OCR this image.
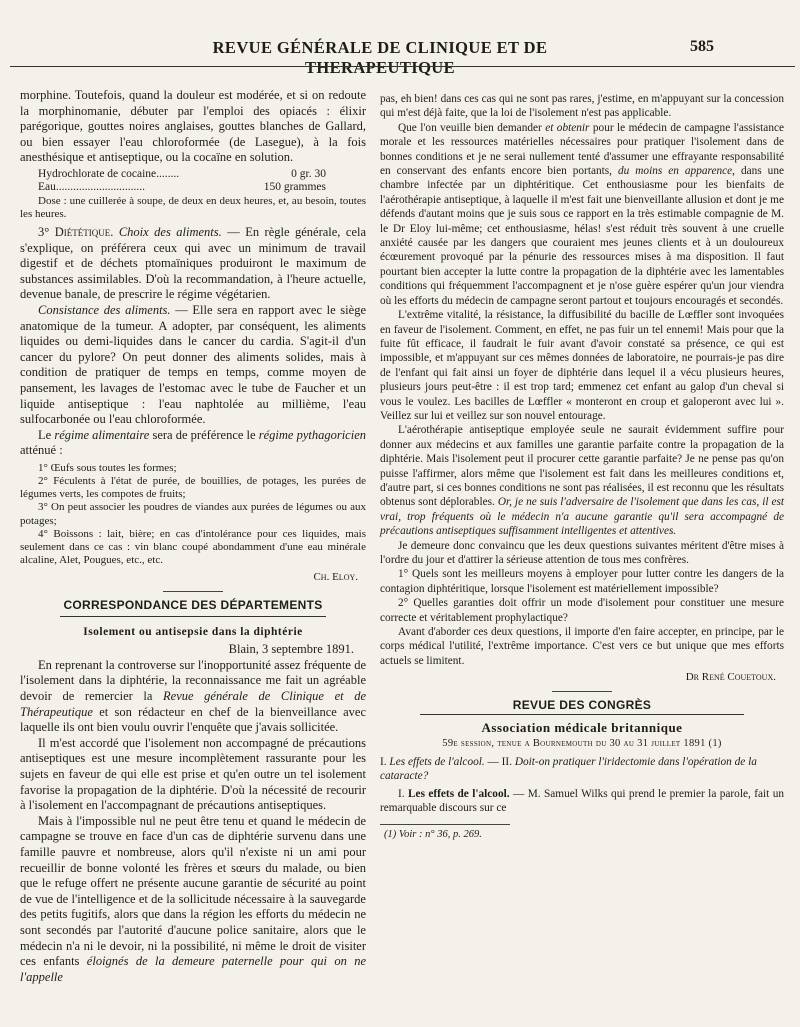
REVUE GÉNÉRALE DE CLINIQUE ET DE THERAPEUTIQUE
585

morphine. Toutefois, quand la douleur est modérée, et si on redoute la morphinomanie, débuter par l'emploi des opiacés : élixir parégorique, gouttes noires anglaises, gouttes blanches de Gallard, ou bien essayer l'eau chloroformée (de Lasegue), à la fois anesthésique et antiseptique, ou la cocaïne en solution.

Hydrochlorate de cocaine........	0 gr. 30
Eau...............................	150 grammes

Dose : une cuillerée à soupe, de deux en deux heures, et, au besoin, toutes les heures.

3° Diététique. Choix des aliments. — En règle générale, cela s'explique, on préférera ceux qui avec un minimum de travail digestif et de déchets ptomaïniques produiront le maximum de substances assimilables. D'où la recommandation, à l'heure actuelle, devenue banale, de prescrire le régime végétarien.

Consistance des aliments. — Elle sera en rapport avec le siège anatomique de la tumeur. A adopter, par conséquent, les aliments liquides ou demi-liquides dans le cancer du cardia. S'agit-il d'un cancer du pylore? On peut donner des aliments solides, mais à condition de pratiquer de temps en temps, comme moyen de pansement, les lavages de l'estomac avec le tube de Faucher et un liquide antiseptique : l'eau naphtolée au millième, l'eau sulfocarbonée ou l'eau chloroformée.

Le régime alimentaire sera de préférence le régime pythagoricien atténué :

1° Œufs sous toutes les formes;

2° Féculents à l'état de purée, de bouillies, de potages, les purées de légumes verts, les compotes de fruits;

3° On peut associer les poudres de viandes aux purées de légumes ou aux potages;

4° Boissons : lait, bière; en cas d'intolérance pour ces liquides, mais seulement dans ce cas : vin blanc coupé abondamment d'une eau minérale alcaline, Alet, Pougues, etc., etc.

Ch. Eloy.
CORRESPONDANCE DES DÉPARTEMENTS
Isolement ou antisepsie dans la diphtérie
Blain, 3 septembre 1891.

En reprenant la controverse sur l'inopportunité assez fréquente de l'isolement dans la diphtérie, la reconnaissance me fait un agréable devoir de remercier la Revue générale de Clinique et de Thérapeutique et son rédacteur en chef de la bienveillance avec laquelle ils ont bien voulu ouvrir l'enquête que j'avais sollicitée.

Il m'est accordé que l'isolement non accompagné de précautions antiseptiques est une mesure incomplètement rassurante pour les sujets en faveur de qui elle est prise et qu'en outre un tel isolement favorise la propagation de la diphtérie. D'où la nécessité de recourir à l'isolement en l'accompagnant de précautions antiseptiques.

Mais à l'impossible nul ne peut être tenu et quand le médecin de campagne se trouve en face d'un cas de diphtérie survenu dans une famille pauvre et nombreuse, alors qu'il n'existe ni un ami pour recueillir de bonne volonté les frères et sœurs du malade, ou bien que le refuge offert ne présente aucune garantie de sécurité au point de vue de l'intelligence et de la sollicitude nécessaire à la sauvegarde des petits fugitifs, alors que dans la région les efforts du médecin ne sont secondés par l'autorité d'aucune police sanitaire, alors que le médecin n'a ni le devoir, ni la possibilité, ni même le droit de visiter ces enfants éloignés de la demeure paternelle pour qui on ne l'appelle

pas, eh bien! dans ces cas qui ne sont pas rares, j'estime, en m'appuyant sur la concession qui m'est déjà faite, que la loi de l'isolement n'est pas applicable.

Que l'on veuille bien demander et obtenir pour le médecin de campagne l'assistance morale et les ressources matérielles nécessaires pour pratiquer l'isolement dans de bonnes conditions et je ne serai nullement tenté d'assumer une effrayante responsabilité en conservant des enfants encore bien portants, du moins en apparence, dans une chambre infectée par un diphtéritique. Cet enthousiasme pour les bienfaits de l'aérothérapie antiseptique, à laquelle il m'est fait une bienveillante allusion et dont je me défends d'autant moins que je suis sous ce rapport en la très estimable compagnie de M. le Dr Eloy lui-même; cet enthousiasme, hélas! s'est réduit très souvent à une cruelle anxiété causée par les dangers que couraient mes jeunes clients et à un douloureux écœurement provoqué par la pénurie des ressources mises à ma disposition. Il faut pourtant bien accepter la lutte contre la propagation de la diphtérie avec les lamentables conditions qui fréquemment l'accompagnent et je n'ose guère espérer qu'un jour viendra où les efforts du médecin de campagne seront partout et toujours encouragés et secondés.

L'extrême vitalité, la résistance, la diffusibilité du bacille de Lœffler sont invoquées en faveur de l'isolement. Comment, en effet, ne pas fuir un tel ennemi! Mais pour que la fuite fût efficace, il faudrait le fuir avant d'avoir constaté sa présence, ce qui est impossible, et m'appuyant sur ces mêmes données de laboratoire, ne pourrais-je pas dire de l'enfant qui fait ainsi un foyer de diphtérie dans lequel il a vécu plusieurs heures, plusieurs jours peut-être : il est trop tard; emmenez cet enfant au galop d'un cheval si vous le voulez. Les bacilles de Lœffler « monteront en croup et galoperont avec lui ». Veillez sur lui et veillez sur son nouvel entourage.

L'aérothérapie antiseptique employée seule ne saurait évidemment suffire pour donner aux médecins et aux familles une garantie parfaite contre la propagation de la diphtérie. Mais l'isolement peut il procurer cette garantie parfaite? Je ne pense pas qu'on puisse l'affirmer, alors même que l'isolement est fait dans les meilleures conditions et, d'autre part, si ces bonnes conditions ne sont pas réalisées, il est reconnu que les résultats obtenus sont déplorables. Or, je ne suis l'adversaire de l'isolement que dans les cas, il est vrai, trop fréquents où le médecin n'a aucune garantie qu'il sera accompagné de précautions antiseptiques suffisamment intelligentes et attentives.

Je demeure donc convaincu que les deux questions suivantes méritent d'être mises à l'ordre du jour et d'attirer la sérieuse attention de tous mes confrères.

1° Quels sont les meilleurs moyens à employer pour lutter contre les dangers de la contagion diphtéritique, lorsque l'isolement est matériellement impossible?

2° Quelles garanties doit offrir un mode d'isolement pour constituer une mesure correcte et véritablement prophylactique?

Avant d'aborder ces deux questions, il importe d'en faire accepter, en principe, par le corps médical l'utilité, l'extrême importance. C'est vers ce but unique que mes efforts actuels se limitent.

Dr René Couetoux.
REVUE DES CONGRÈS
Association médicale britannique
59e session, tenue a Bournemouth du 30 au 31 juillet 1891 (1)

I. Les effets de l'alcool. — II. Doit-on pratiquer l'iridectomie dans l'opération de la cataracte?

I. Les effets de l'alcool. — M. Samuel Wilks qui prend le premier la parole, fait un remarquable discours sur ce

(1) Voir : n° 36, p. 269.
